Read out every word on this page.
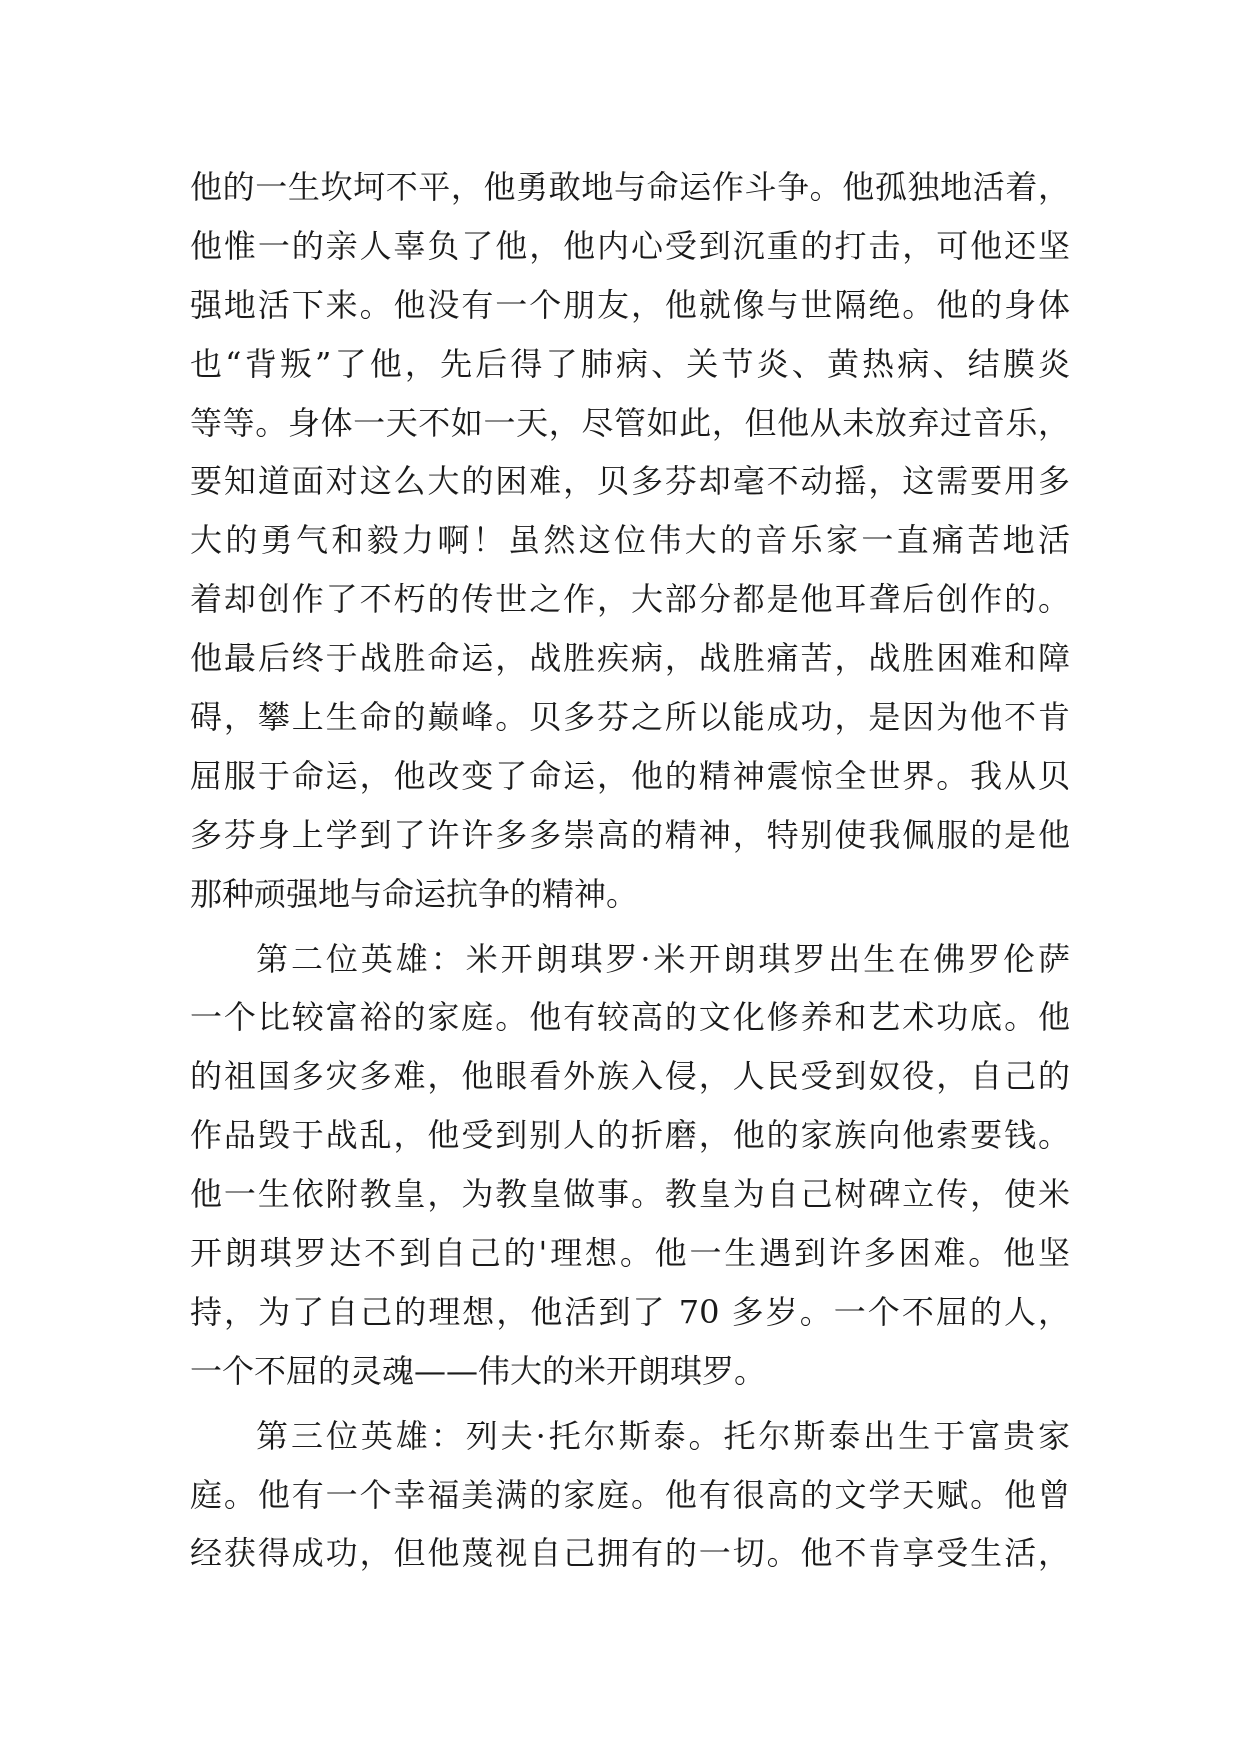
他的一生坎坷不平，他勇敢地与命运作斗争。他孤独地活着，
他惟一的亲人辜负了他，他内心受到沉重的打击，可他还坚
强地活下来。他没有一个朋友，他就像与世隔绝。他的身体
也“背叛”了他，先后得了肺病、关节炎、黄热病、结膜炎
等等。身体一天不如一天，尽管如此，但他从未放弃过音乐，
要知道面对这么大的困难，贝多芬却毫不动摇，这需要用多
大的勇气和毅力啊！虽然这位伟大的音乐家一直痛苦地活
着却创作了不朽的传世之作，大部分都是他耳聋后创作的。
他最后终于战胜命运，战胜疾病，战胜痛苦，战胜困难和障
碍，攀上生命的巅峰。贝多芬之所以能成功，是因为他不肯
屈服于命运，他改变了命运，他的精神震惊全世界。我从贝
多芬身上学到了许许多多崇高的精神，特别使我佩服的是他
那种顽强地与命运抗争的精神。
第二位英雄：米开朗琪罗·米开朗琪罗出生在佛罗伦萨
一个比较富裕的家庭。他有较高的文化修养和艺术功底。他
的祖国多灾多难，他眼看外族入侵，人民受到奴役，自己的
作品毁于战乱，他受到别人的折磨，他的家族向他索要钱。
他一生依附教皇，为教皇做事。教皇为自己树碑立传，使米
开朗琪罗达不到自己的'理想。他一生遇到许多困难。他坚
持，为了自己的理想，他活到了 70 多岁。一个不屈的人，
一个不屈的灵魂——伟大的米开朗琪罗。
第三位英雄：列夫·托尔斯泰。托尔斯泰出生于富贵家
庭。他有一个幸福美满的家庭。他有很高的文学天赋。他曾
经获得成功，但他蔑视自己拥有的一切。他不肯享受生活，
